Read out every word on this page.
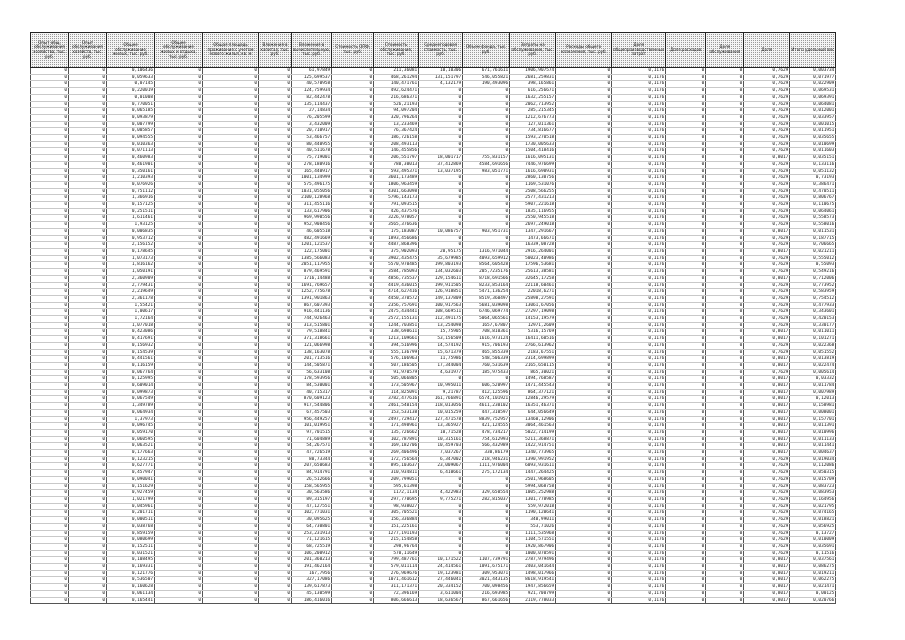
Опыт общ. обслуживания хозяйства, тыс. руб.	Опыт обслуживания хозяйств, тыс. руб.	Общее обслуживание жилых, тыс. руб.	Общее обслуживание жилых и отдыха, тыс. руб.	Общая площадь проживания с учетом нового жилья, кв. м	Вложения в капитал, тыс. руб.	Вложения в вычислительную, тыс. руб.	Стоимость ОПФ, тыс. руб.	Стоимость обслуживания, тыс. руб.	Среднегодовая стоимость, тыс. руб.	Объем фонда, тыс. руб.	Затраты на обслуживание, тыс. руб.	Расходы общего назначения, тыс. руб.	Доля общепроизводственных затрат	Доля расходов	Доля обслуживания	Доля	Итого удельный вес
0	0	0,106436	0	0	0	61,97849	0	211,36081	10,10306	671,761611	1906,907574	0	0,1176	0	0	0,7629	0,003734
0	0	0,059633	0	0	0	125,699537	0	468,261294	131,151797	546,055821	2681,259831	0	0,1176	0	0	0,7629	0,071977
0	0	0,07145	0	0	0	40,570958	0	140,471761	4,132179	190,493096	398,165861	0	0,1176	0	0	0,7629	0,022909
0	0	0,220019	0	0	0	124,759934	0	492,624471	0	0	616,256671	0	0,1176	0	0	0,7629	0,069531
0	0	0,01008	0	0	0	82,442478	0	216,686371	0	0	1632,255157	0	0,1176	0	0	0,7629	0,069391
0	0	0,770051	0	0	0	135,114437	0	526,21193	0	0	2062,713952	0	0,1176	0	0	0,7629	0,064081
0	0	0,065185	0	0	0	27,14834	0	94,097204	0	0	285,215345	0	0,1176	0	0	0,7629	0,012001
0	0	0,093879	0	0	0	76,205599	0	320,796264	0	0	1212,676773	0	0,1176	0	0	0,7629	0,033957
0	0	0,007799	0	0	0	3,432009	0	13,233469	0	0	127,011361	0	0,1176	0	0	0,7629	0,001015
0	0	0,005857	0	0	0	20,710917	0	76,367424	0	0	734,816677	0	0,1176	0	0	0,7629	0,011951
0	0	0,094555	0	0	0	53,466757	0	186,726158	0	0	1593,270518	0	0,1176	0	0	0,7629	0,035655
0	0	0,010363	0	0	0	80,440955	0	208,493113	0	0	1730,005633	0	0,1176	0	0	0,7629	0,010699
0	0	0,071113	0	0	0	40,511678	0	146,455856	0	0	1504,418416	0	0,1176	0	0	0,7629	0,011603
0	0	0,460983	0	0	0	75,719001	0	206,551797	18,001717	755,831157	1616,095131	0	0,1176	0	0	0,8017	0,035151
0	0	0,461901	0	0	0	278,180916	0	780,30013	37,412869	4584,691656	7446,976699	0	0,1176	0	0	0,7629	0,133116
0	0	0,350161	0	0	0	165,440917	0	593,495371	13,037195	983,051771	1616,690931	0	0,1176	0	0	0,7629	0,051132
0	0	1,210393	0	0	0	1001,134999	0	3601,173489	0	0	2860,130756	0	0,1176	0	0	0,7629	0,73193
0	0	0,076926	0	0	0	575,496175	0	1806,963459	0	0	1169,531076	0	0,1176	0	0	0,7629	0,386471
0	0	0,751112	0	0	0	1031,055056	0	4301,663098	0	0	2508,566255	0	0,1176	0	0	0,7629	0,470511
0	0	1,366916	0	0	0	2100,128968	0	5796,143173	0	0	2577,431213	0	0,1176	0	0	0,7629	0,806767
0	0	0,157125	0	0	0	311,455116	0	791,093515	0	0	5907,221618	0	0,1176	0	0	0,7629	0,110675
0	0	0,251511	0	0	0	133,617906	0	426,437576	0	0	1835,116955	0	0,1176	0	0	0,7629	0,064061
0	0	1,611461	0	0	0	969,990556	0	3226,978057	0	0	2550,945518	0	0,1176	0	0	0,7629	0,558573
0	0	1,93125	0	0	0	952,908456	0	3565,376636	0	0	2697,249018	0	0,1176	0	0	0,7629	0,558016
0	0	0,006835	0	0	0	46,605518	0	175,183087	10,086757	903,951731	1347,291667	0	0,1176	0	0	0,8017	0,011531
0	0	0,953712	0	0	0	482,491669	0	1893,456686	0	0	1473,66671	0	0,1176	0	0	0,7629	0,187715
0	0	2,156152	0	0	0	1201,121537	0	4487,868396	0	0	16339,08728	0	0,1176	0	0	0,7629	0,706665
0	0	0,178645	0	0	0	122,175001	0	375,902093	20,95175	1316,971044	2916,264001	0	0,1176	0	0	0,8017	0,021211
0	0	1,073173	0	0	0	1385,566083	0	3902,435475	35,679985	4093,659912	50023,40986	0	0,1176	0	0	0,7629	0,555012
0	0	1,816162	0	0	0	2051,117955	0	5570,970485	199,803193	8564,605428	17596,53681	0	0,1176	0	0	0,7629	0,55093
0	0	1,050191	0	0	0	879,469591	0	3584,785093	134,032603	205,7235176	25613,38581	0	0,1176	0	0	0,7629	0,549216
0	0	2,360909	0	0	0	1716,14488	0	4856,735537	129,154611	8718,691566	32645,17258	0	0,1176	0	0	0,8017	0,712006
0	0	2,779431	0	0	0	1691,769657	0	4419,436015	199,911505	8233,853164	22118,60461	0	0,1176	0	0	0,7629	0,773952
0	0	2,219649	0	0	0	1252,775678	0	4714,627416	126,918851	5471,136254	22018,6271	0	0,1176	0	0	0,7629	0,583959
0	0	2,361178	0	0	0	1391,901863	0	4450,370572	149,137809	8519,360497	25898,27591	0	0,1176	0	0	0,7629	0,754512
0	0	1,55421	0	0	0	867,607393	0	2356,757691	100,917563	5681,039098	13061,67056	0	0,1176	0	0	0,7629	0,477933
0	0	1,00617	0	0	0	916,441136	0	2475,434441	108,669511	6746,069774	27297,19098	0	0,1176	0	0	0,7629	0,343601
0	0	1,72164	0	0	0	744,926463	0	2572,155131	112,491175	5064,065561	14153,19579	0	0,1176	0	0	0,7629	0,420153
0	0	1,077018	0	0	0	313,515801	0	1244,703851	13,254098	1657,67807	12971,2609	0	0,1176	0	0	0,7629	0,330177
0	0	0,423086	0	0	0	79,518841	0	338,698611	15,75905	708,810361	5316,15769	0	0,1176	0	0	0,8017	0,011011
0	0	0,417691	0	0	0	371,318661	0	1213,109661	53,156509	1616,973124	16411,60516	0	0,1176	0	0	0,8017	0,101271
0	0	0,156932	0	0	0	121,066998	0	394,516996	14,574192	915,706193	2766,613962	0	0,1176	0	0	0,7629	0,022368
0	0	0,154539	0	0	0	138,163078	0	555,136799	15,671379	465,855339	2183,67551	0	0,1176	0	0	0,7629	0,051552
0	0	0,441561	0	0	0	201,713516	0	576,106963	11,75986	548,506339	2314,699899	0	0,1176	0	0	0,8017	0,013819
0	0	0,116159	0	0	0	144,505871	0	507,186505	17,344004	760,531639	2165,650115	0	0,1176	0	0	0,8017	0,022474
0	0	0,067764	0	0	0	56,633108	0	91,970579	4,631977	185,975433	865,30021	0	0,1176	0	0	0,7629	0,005614
0	0	0,125995	0	0	0	178,593956	0	505,066805	0	0	1494,768587	0	0,1176	0	0	0,8017	0,03332
0	0	0,609014	0	0	0	84,530001	0	173,505967	10,995011	606,520997	1471,445543	0	0,1176	0	0	0,8017	0,011784
0	0	0,099873	0	0	0	40,715317	0	114,825091	9,21787	412,125596	864,377121	0	0,1176	0	0	0,8017	0,007989
0	0	0,067549	0	0	0	870,609123	0	3782,477616	161,766891	6574,101921	12846,29579	0	0,1176	0	0	0,8017	0,12013
0	0	1,349789	0	0	0	917,544806	0	2461,540154	118,013056	4611,230102	16351,46371	0	0,1176	0	0	0,8017	0,158981
0	0	0,064934	0	0	0	67,457503	0	153,533138	10,015259	447,310597	644,056649	0	0,1176	0	0	0,8017	0,008001
0	0	1,37973	0	0	0	956,449257	0	2497,729417	127,471578	8839,752957	13460,12906	0	0,1176	0	0	0,8017	0,157701
0	0	0,096745	0	0	0	101,019951	0	171,498961	13,365927	421,124555	3064,461563	0	0,1176	0	0	0,8017	0,011391
0	0	0,059170	0	0	0	97,701515	0	135,726662	10,71528	478,734217	5022,714199	0	0,1176	0	0	0,8017	0,010996
0	0	0,060595	0	0	0	71,604889	0	102,787891	10,315161	754,612993	5211,368871	0	0,1176	0	0	0,8017	0,011133
0	0	0,063521	0	0	0	54,267571	0	169,182706	10,459703	566,432989	1422,914751	0	0,1176	0	0	0,8017	0,011441
0	0	0,177663	0	0	0	47,726519	0	269,406496	7,037267	330,86179	1340,773965	0	0,1176	0	0	0,8017	0,004637
0	0	0,123215	0	0	0	80,73344	0	172,756564	6,347002	218,946231	1390,991952	0	0,1176	0	0	0,7629	0,019034
0	0	0,627771	0	0	0	207,650683	0	895,103637	23,009067	1111,976004	6093,931611	0	0,1176	0	0	0,7629	0,112086
0	0	0,457947	0	0	0	84,914791	0	310,934811	6,410661	275,172134	1447,264425	0	0,1176	0	0	0,7629	0,050315
0	0	0,090041	0	0	0	26,512666	0	209,799051	0	0	2501,968605	0	0,1176	0	0	0,7629	0,015709
0	0	0,151629	0	0	0	158,565955	0	595,61398	0	0	5994,068758	0	0,1176	0	0	0,7629	0,083723
0	0	0,927459	0	0	0	30,563586	0	1172,1134	4,422983	329,650554	1005,252988	0	0,1176	0	0	0,7629	0,083953
0	0	1,021799	0	0	0	89,315197	0	297,770695	9,775271	282,815037	1301,778985	0	0,1176	0	0	0,7629	0,164956
0	0	0,045961	0	0	0	47,127551	0	98,938027	0	0	559,972018	0	0,1176	0	0	0,7629	0,021795
0	0	0,201711	0	0	0	102,771031	0	305,705521	0	0	1190,120641	0	0,1176	0	0	0,7629	0,074165
0	0	0,000511	0	0	0	30,095625	0	156,336884	0	0	340,99011	0	0,1176	0	0	0,7629	0,018821
0	0	0,038768	0	0	0	64,730801	0	151,225161	0	0	553,71026	0	0,1176	0	0	0,7629	0,056925
0	0	0,859159	0	0	0	253,231913	0	1277,191193	0	0	1111,535968	0	0,1176	0	0	0,7629	0,13727
0	0	0,080699	0	0	0	71,121615	0	215,154858	0	0	1104,571551	0	0,1176	0	0	0,7629	0,010009
0	0	0,152511	0	0	0	68,725519	0	298,96764	0	0	1920,867906	0	0,1176	0	0	0,7629	0,035691
0	0	0,031521	0	0	0	106,200912	0	570,11649	0	0	1000,070591	0	0,1176	0	0	0,7629	0,11516
0	0	0,108495	0	0	0	201,360213	0	799,487761	10,171522	1107,739791	2787,979496	0	0,1176	0	0	0,8017	0,037561
0	0	0,169331	0	0	0	191,462164	0	579,011114	24,414561	1091,675171	2403,041644	0	0,1176	0	0	0,8017	0,086275
0	0	0,121776	0	0	0	167,7956	0	276,969676	19,123981	309,953071	1498,017966	0	0,1176	0	0	0,8017	0,019211
0	0	0,536507	0	0	0	327,17086	0	1071,461612	27,446041	3021,443135	8618,919541	0	0,1176	0	0	0,8017	0,062275
0	0	0,160628	0	0	0	139,617873	0	311,171371	20,334152	700,098456	1947,856659	0	0,1176	0	0	0,8017	0,021471
0	0	0,061134	0	0	0	45,130599	0	72,396169	3,611004	216,693985	921,700799	0	0,1176	0	0	0,8017	0,00125
0	0	0,165441	0	0	0	186,416016	0	806,666613	18,636567	867,661656	2119,778033	0	0,1176	0	0	0,8017	0,020766
